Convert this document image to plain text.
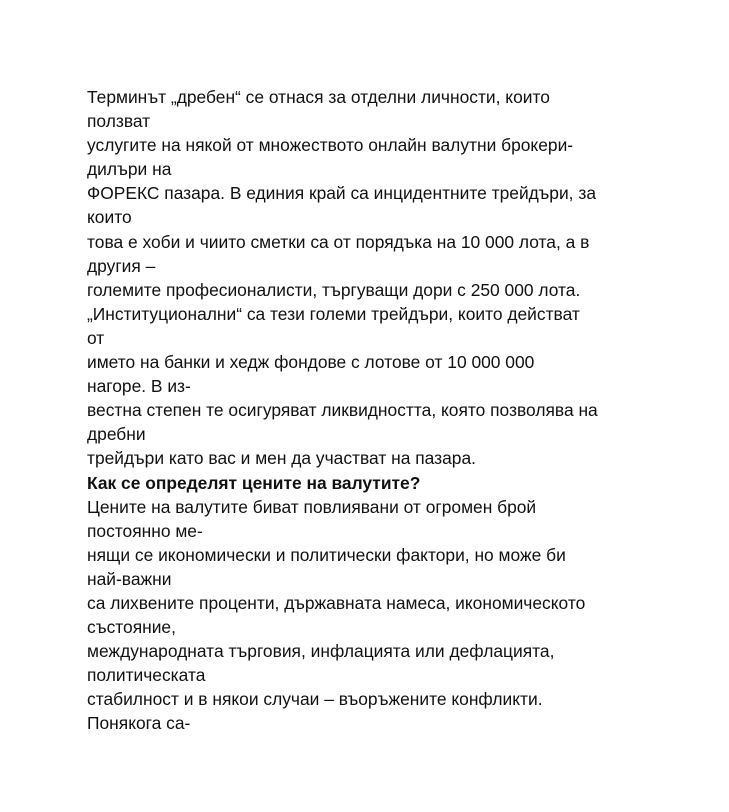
Терминът „дребен“ се отнася за отделни личности, които
ползват
услугите на някой от множеството онлайн валутни брокери-
дилъри на
ФОРЕКС пазара. В единия край са инцидентните трейдъри, за
които
това е хоби и чиито сметки са от порядъка на 10 000 лота, а в
другия –
големите професионалисти, търгуващи дори с 250 000 лота.
„Институционални“ са тези големи трейдъри, които действат
от
името на банки и хедж фондове с лотове от 10 000 000
нагоре. В из-
вестна степен те осигуряват ликвидността, която позволява на
дребни
трейдъри като вас и мен да участват на пазара.
Как се определят цените на валутите?
Цените на валутите биват повлиявани от огромен брой
постоянно ме-
нящи се икономически и политически фактори, но може би
най-важни
са лихвените проценти, държавната намеса, икономическото
състояние,
международната търговия, инфлацията или дефлацията,
политическата
стабилност и в някои случаи – въоръжените конфликти.
Понякога са-
